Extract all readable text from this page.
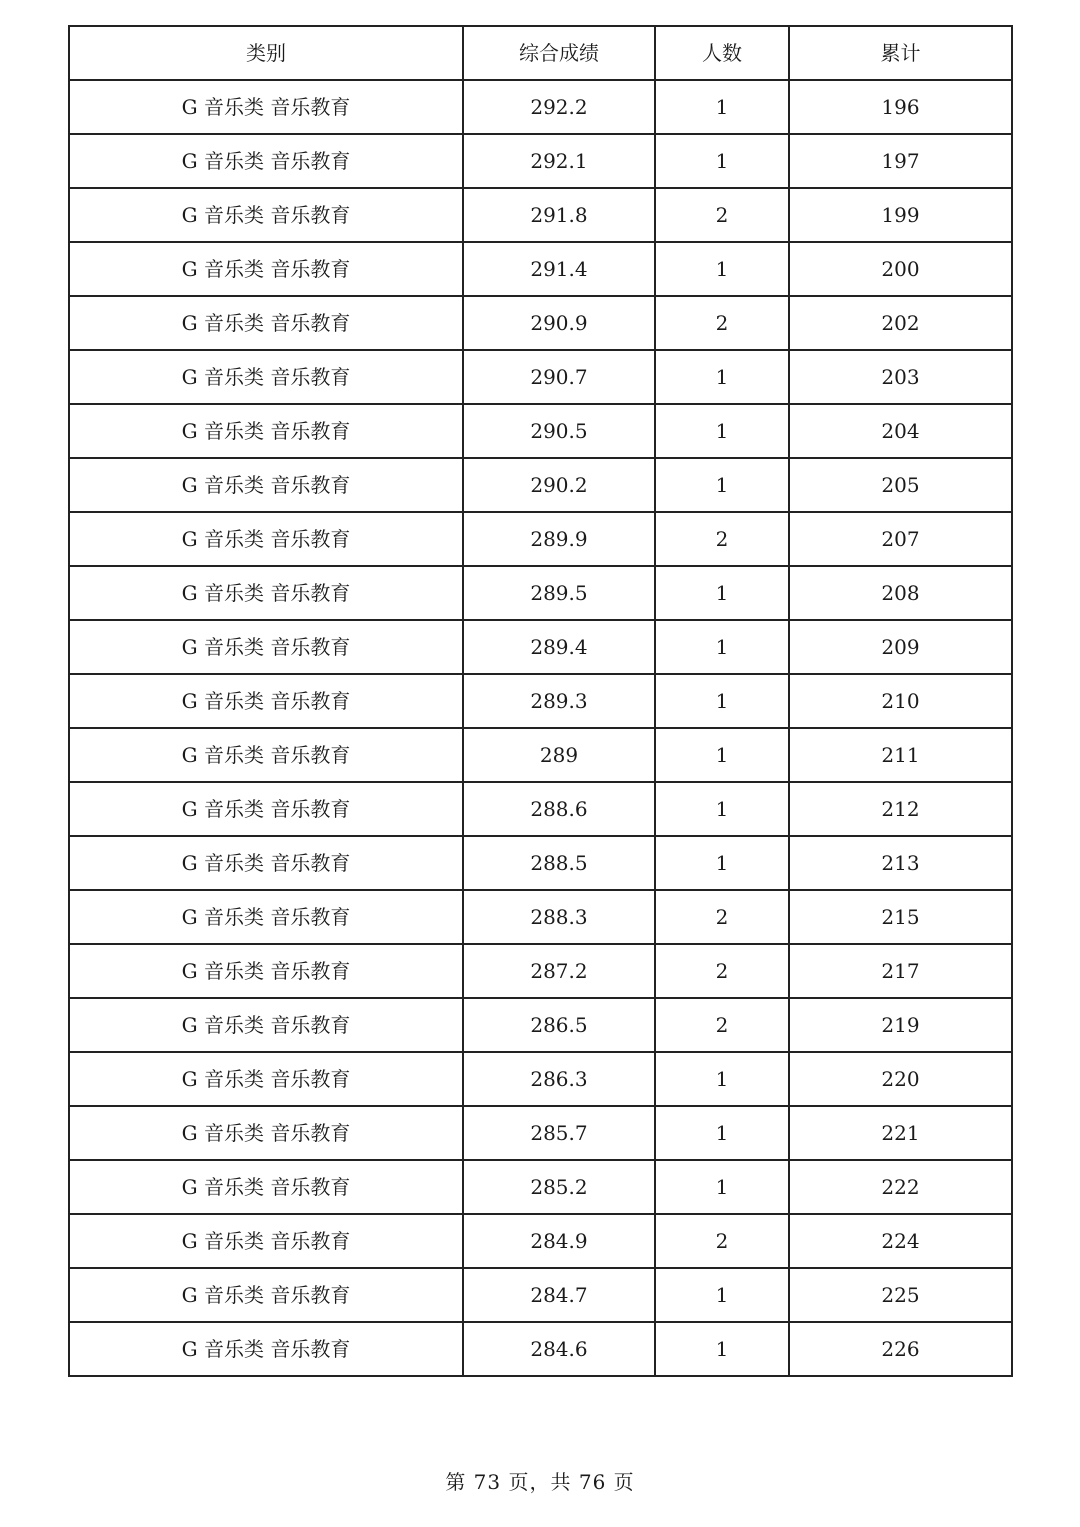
类别	综合成绩	人数	累计
G 音乐类 音乐教育	292.2	1	196
G 音乐类 音乐教育	292.1	1	197
G 音乐类 音乐教育	291.8	2	199
G 音乐类 音乐教育	291.4	1	200
G 音乐类 音乐教育	290.9	2	202
G 音乐类 音乐教育	290.7	1	203
G 音乐类 音乐教育	290.5	1	204
G 音乐类 音乐教育	290.2	1	205
G 音乐类 音乐教育	289.9	2	207
G 音乐类 音乐教育	289.5	1	208
G 音乐类 音乐教育	289.4	1	209
G 音乐类 音乐教育	289.3	1	210
G 音乐类 音乐教育	289	1	211
G 音乐类 音乐教育	288.6	1	212
G 音乐类 音乐教育	288.5	1	213
G 音乐类 音乐教育	288.3	2	215
G 音乐类 音乐教育	287.2	2	217
G 音乐类 音乐教育	286.5	2	219
G 音乐类 音乐教育	286.3	1	220
G 音乐类 音乐教育	285.7	1	221
G 音乐类 音乐教育	285.2	1	222
G 音乐类 音乐教育	284.9	2	224
G 音乐类 音乐教育	284.7	1	225
G 音乐类 音乐教育	284.6	1	226
第 73 页，共 76 页
